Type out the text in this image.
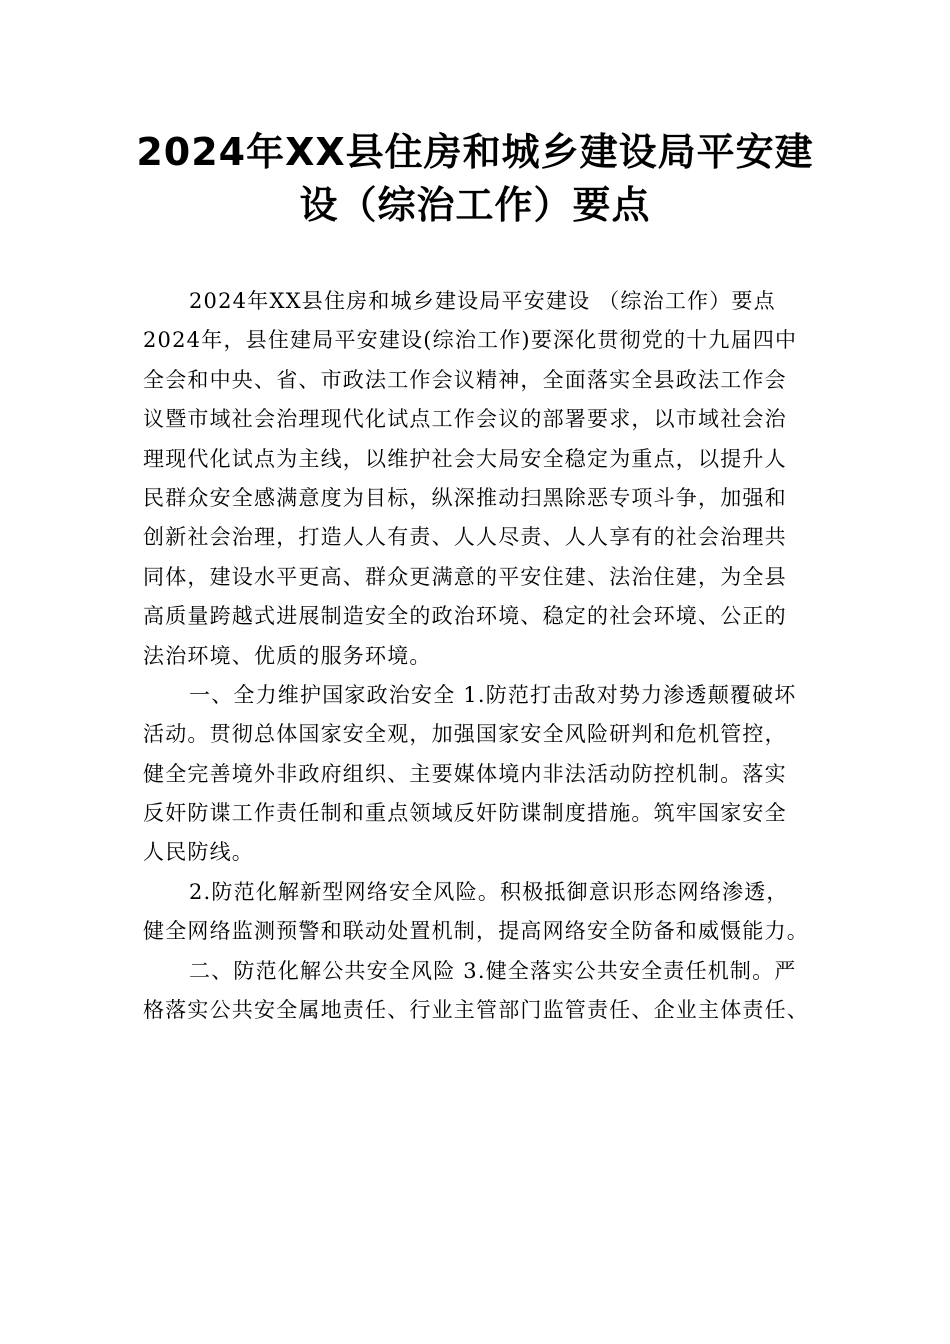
2024年XX县住房和城乡建设局平安建
设（综治工作）要点
2024年XX县住房和城乡建设局平安建设 （综治工作）要点
2024年，县住建局平安建设(综治工作)要深化贯彻党的十九届四中
全会和中央、省、市政法工作会议精神，全面落实全县政法工作会
议暨市域社会治理现代化试点工作会议的部署要求，以市域社会治
理现代化试点为主线，以维护社会大局安全稳定为重点，以提升人
民群众安全感满意度为目标，纵深推动扫黑除恶专项斗争，加强和
创新社会治理，打造人人有责、人人尽责、人人享有的社会治理共
同体，建设水平更高、群众更满意的平安住建、法治住建，为全县
高质量跨越式进展制造安全的政治环境、稳定的社会环境、公正的
法治环境、优质的服务环境。
一、全力维护国家政治安全 1.防范打击敌对势力渗透颠覆破坏
活动。贯彻总体国家安全观，加强国家安全风险研判和危机管控，
健全完善境外非政府组织、主要媒体境内非法活动防控机制。落实
反奸防谍工作责任制和重点领域反奸防谍制度措施。筑牢国家安全
人民防线。
2.防范化解新型网络安全风险。积极抵御意识形态网络渗透，
健全网络监测预警和联动处置机制，提高网络安全防备和威慑能力。
二、防范化解公共安全风险 3.健全落实公共安全责任机制。严
格落实公共安全属地责任、行业主管部门监管责任、企业主体责任、
